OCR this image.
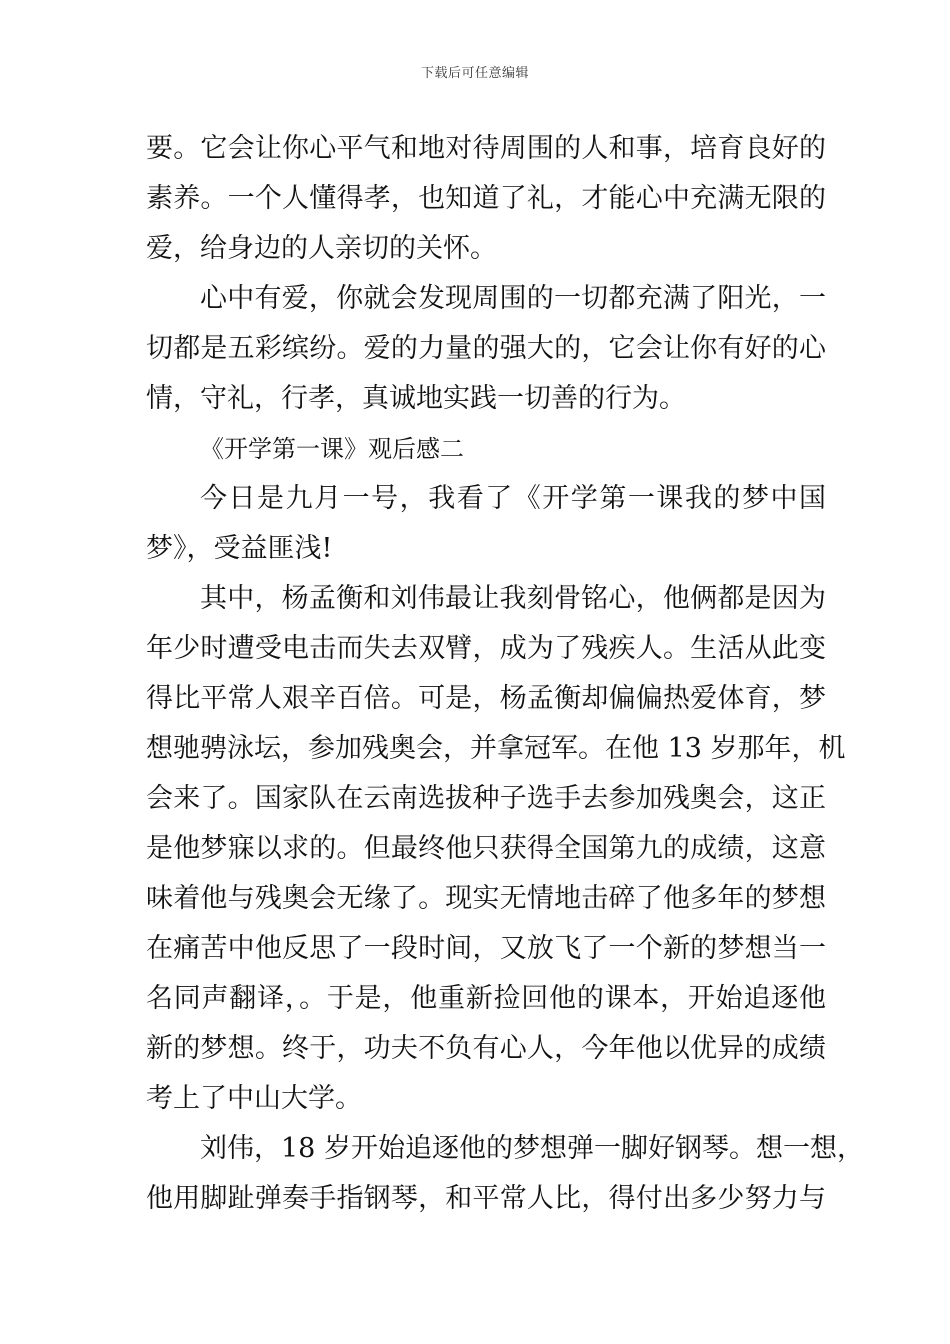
下载后可任意编辑
要。它会让你心平气和地对待周围的人和事，培育良好的
素养。一个人懂得孝，也知道了礼，才能心中充满无限的
爱，给身边的人亲切的关怀。
心中有爱，你就会发现周围的一切都充满了阳光，一
切都是五彩缤纷。爱的力量的强大的，它会让你有好的心
情，守礼，行孝，真诚地实践一切善的行为。
《开学第一课》观后感二
今日是九月一号，我看了《开学第一课我的梦中国
梦》，受益匪浅!
其中，杨孟衡和刘伟最让我刻骨铭心，他俩都是因为
年少时遭受电击而失去双臂，成为了残疾人。生活从此变
得比平常人艰辛百倍。可是，杨孟衡却偏偏热爱体育，梦
想驰骋泳坛，参加残奥会，并拿冠军。在他 13 岁那年，机
会来了。国家队在云南选拔种子选手去参加残奥会，这正
是他梦寐以求的。但最终他只获得全国第九的成绩，这意
味着他与残奥会无缘了。现实无情地击碎了他多年的梦想
在痛苦中他反思了一段时间，又放飞了一个新的梦想当一
名同声翻译，。于是，他重新捡回他的课本，开始追逐他
新的梦想。终于，功夫不负有心人，今年他以优异的成绩
考上了中山大学。
刘伟，18 岁开始追逐他的梦想弹一脚好钢琴。想一想，
他用脚趾弹奏手指钢琴，和平常人比，得付出多少努力与
